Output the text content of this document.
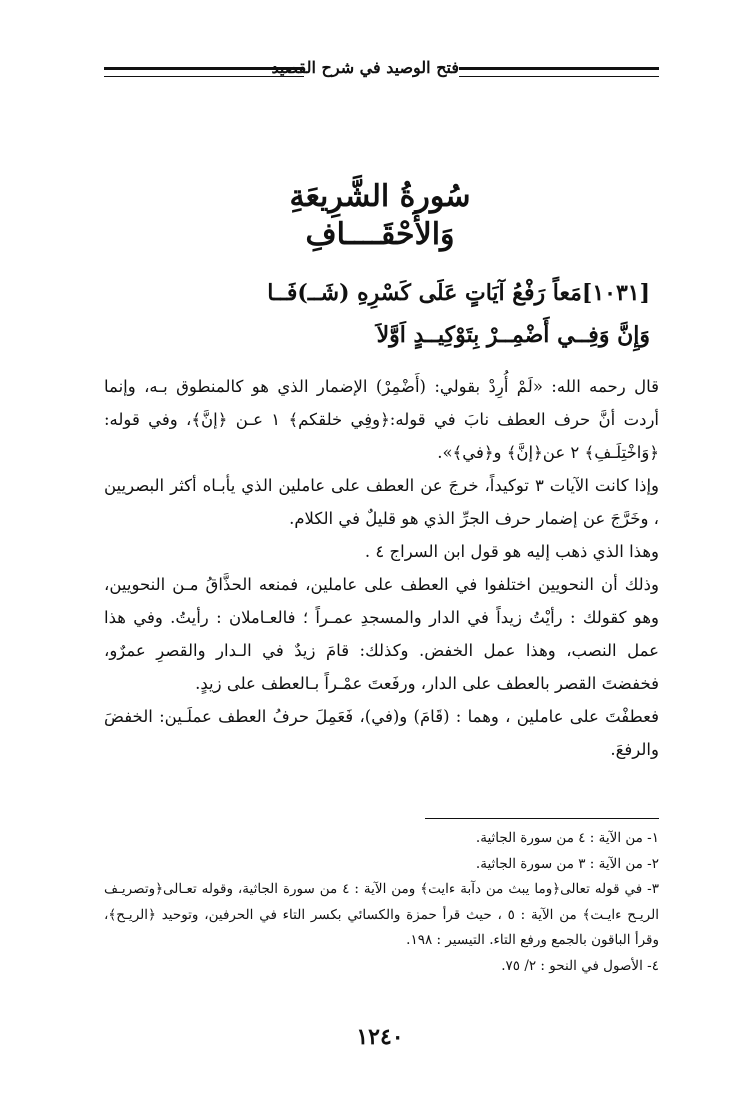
فتح الوصيد في شرح القصيد
سُورةُ الشَّرِيعَةِ
وَالأَحْقَــــافِ
[١٠٣١]مَعاً رَفْعُ آيَاتٍ عَلَى كَسْرِهِ (شَــ)فَــا
وَإِنَّ وَفِــي أَضْمِــرْ بِتَوْكِيــدٍ اَوَّلاَ

قال رحمه الله: «لَمْ أُرِدْ بقولي: (أَضْمِرْ) الإضمار الذي هو كالمنطوق بـه، وإنما أردت أنَّ حرف العطف نابَ في قوله:﴿وفِي خلقكم﴾ ١ عـن ﴿إنَّ﴾، وفي قوله: ﴿وَاخْتِلَـفِ﴾ ٢ عن﴿إنَّ﴾ و﴿في﴾».

وإذا كانت الآيات ٣ توكيداً، خرجَ عن العطف على عاملين الذي يأبـاه أكثر البصريين ، وخَرَّجَ عن إضمار حرف الجرِّ الذي هو قليلٌ في الكلام.

وهذا الذي ذهب إليه هو قول ابن السراج ٤ .

وذلك أن النحويين اختلفوا في العطف على عاملين، فمنعه الحذَّاقُ مـن النحويين، وهو كقولك : رأيْتُ زيداً في الدار والمسجدِ عمـراً ؛ فالعـاملان : رأيتُ. وفي هذا عمل النصب، وهذا عمل الخفض. وكذلك: قامَ زيدٌ في الـدار والقصرِ عمرٌو، فخفضتَ القصر بالعطف على الدار، ورفَعتَ عمْـراً بـالعطف على زيدٍ.

فعطفْتَ على عاملين ، وهما : (قَامَ) و(في)، فَعَمِلَ حرفُ العطف عملَـين: الخفضَ والرفعَ.

١- من الآية : ٤ من سورة الجاثية.

٢- من الآية : ٣ من سورة الجاثية.

٣- في قوله تعالى﴿وما يبث من دآبة ءايت﴾ ومن الآية : ٤ من سورة الجاثية، وقوله تعـالى﴿وتصريـف الريـح ءايـت﴾ من الآية : ٥ ، حيث قرأ حمزة والكسائي بكسر التاء في الحرفين، وتوحيد ﴿الريـح﴾، وقرأ الباقون بالجمع ورفع التاء. التيسير : ١٩٨.

٤- الأصول في النحو : ٢/ ٧٥.

١٢٤٠
